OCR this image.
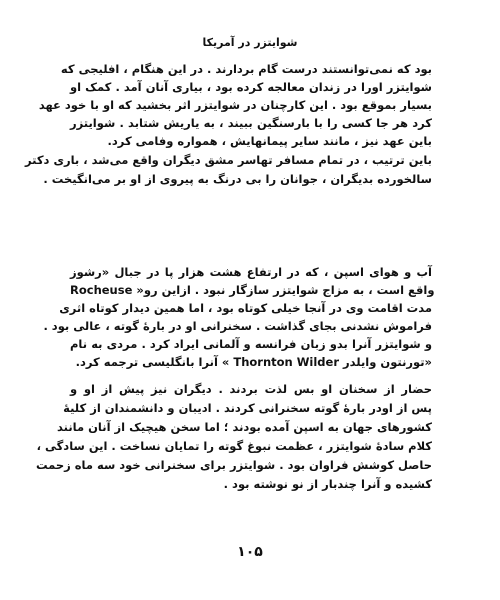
شوایتزر در آمریکا
بود که نمی‌توانستند درست گام بردارند . در این هنگام ، افلیجی که
شوایتزر اورا در زندان معالجه کرده بود ، بیاری آنان آمد . کمک او
بسیار بموقع بود . این کارچنان در شوایتزر اثر بخشید که او با خود عهد
کرد هر جا کسی را با بارسنگین ببیند ، به یاریش شتابد . شوایتزر
باین عهد نیز ، مانند سایر پیمانهایش ، همواره وفامی کرد.
باین ترتیب ، در تمام مسافر تهاسر مشق دیگران واقع می‌شد ، باری دکتر
سالخورده بدیگران ، جوانان را بی درنگ به پیروی از او بر می‌انگیخت .
آب و هوای اسپن ، که در ارتفاع هشت هزار پا در جبال «رشوز
Rocheuse »واقع است ، به مزاج شوایتزر سازگار نبود . ازاین رو
مدت اقامت وی در آنجا خیلی کوتاه بود ، اما همین دیدار کوتاه اثری
فراموش نشدنی بجای گذاشت . سخنرانی او در بارهٔ گوته ، عالی بود .
و شوایتزر آنرا بدو زبان فرانسه و آلمانی ایراد کرد . مردی به نام
«تورنتون وایلدر Thornton Wilder » آنرا بانگلیسی ترجمه کرد.
حضار از سخنان او بس لذت بردند . دیگران نیز پیش از او و
پس از اودر بارهٔ گوته سخنرانی کردند . ادیبان و دانشمندان از کلیهٔ
کشورهای جهان به اسپن آمده بودند ؛ اما سخن هیچیک از آنان مانند
کلام سادهٔ شوایتزر ، عظمت نبوغ گوته را تمایان نساخت . این سادگی ،
حاصل کوشش فراوان بود . شوایتزر برای سخنرانی خود سه ماه زحمت
کشیده و آنرا چندبار از نو نوشته بود .
۱۰۵
